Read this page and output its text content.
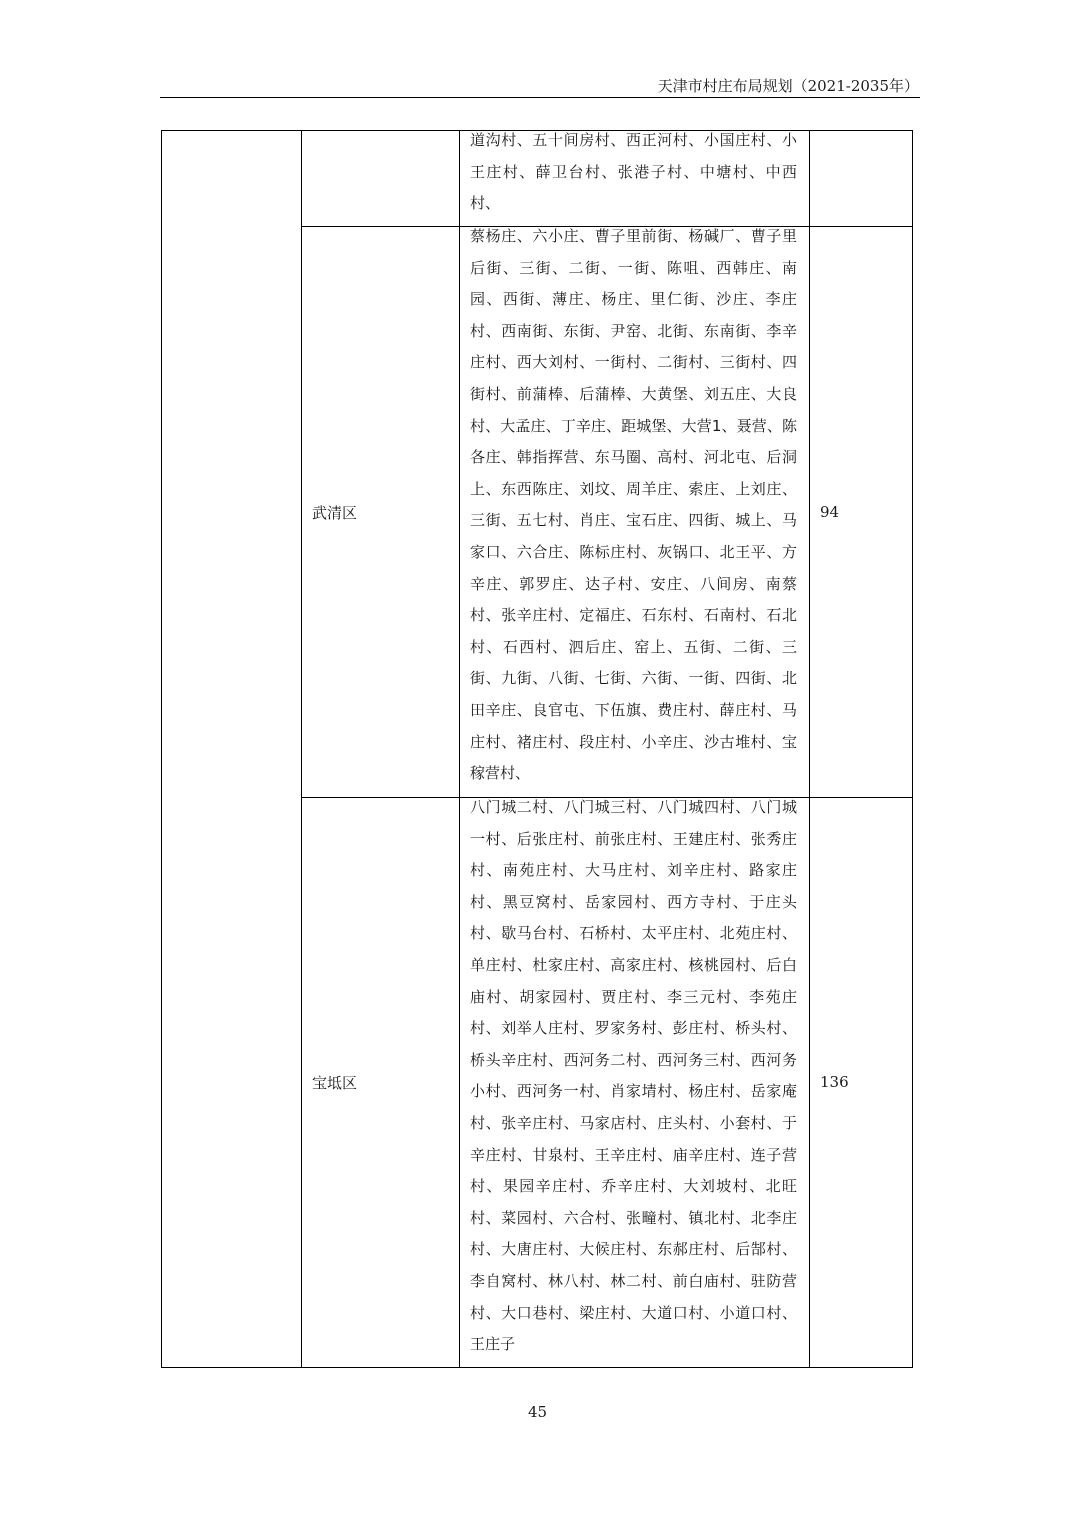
天津市村庄布局规划（2021-2035年）

		道沟村、五十间房村、西正河村、小国庄村、小王庄村、薛卫台村、张港子村、中塘村、中西村、	

	武清区	蔡杨庄、六小庄、曹子里前街、杨碱厂、曹子里后街、三街、二街、一街、陈咀、西韩庄、南园、西街、薄庄、杨庄、里仁街、沙庄、李庄村、西南街、东街、尹窑、北街、东南街、李辛庄村、西大刘村、一街村、二街村、三街村、四街村、前蒲棒、后蒲棒、大黄堡、刘五庄、大良村、大孟庄、丁辛庄、距城堡、大营1、聂营、陈各庄、韩指挥营、东马圈、高村、河北屯、后洞上、东西陈庄、刘坟、周羊庄、索庄、上刘庄、三街、五七村、肖庄、宝石庄、四街、城上、马家口、六合庄、陈标庄村、灰锅口、北王平、方辛庄、郭罗庄、达子村、安庄、八间房、南蔡村、张辛庄村、定福庄、石东村、石南村、石北村、石西村、泗后庄、窑上、五街、二街、三街、九街、八街、七街、六街、一街、四街、北田辛庄、良官屯、下伍旗、费庄村、薛庄村、马庄村、褚庄村、段庄村、小辛庄、沙古堆村、宝稼营村、	94
	宝坻区	八门城二村、八门城三村、八门城四村、八门城一村、后张庄村、前张庄村、王建庄村、张秀庄村、南苑庄村、大马庄村、刘辛庄村、路家庄村、黑豆窝村、岳家园村、西方寺村、于庄头村、歇马台村、石桥村、太平庄村、北苑庄村、单庄村、杜家庄村、高家庄村、核桃园村、后白庙村、胡家园村、贾庄村、李三元村、李苑庄村、刘举人庄村、罗家务村、彭庄村、桥头村、桥头辛庄村、西河务二村、西河务三村、西河务小村、西河务一村、肖家埥村、杨庄村、岳家庵村、张辛庄村、马家店村、庄头村、小套村、于辛庄村、甘泉村、王辛庄村、庙辛庄村、连子营村、果园辛庄村、乔辛庄村、大刘坡村、北旺村、菜园村、六合村、张疃村、镇北村、北李庄村、大唐庄村、大候庄村、东郝庄村、后郜村、李自窝村、林八村、林二村、前白庙村、驻防营村、大口巷村、梁庄村、大道口村、小道口村、王庄子	136
45
